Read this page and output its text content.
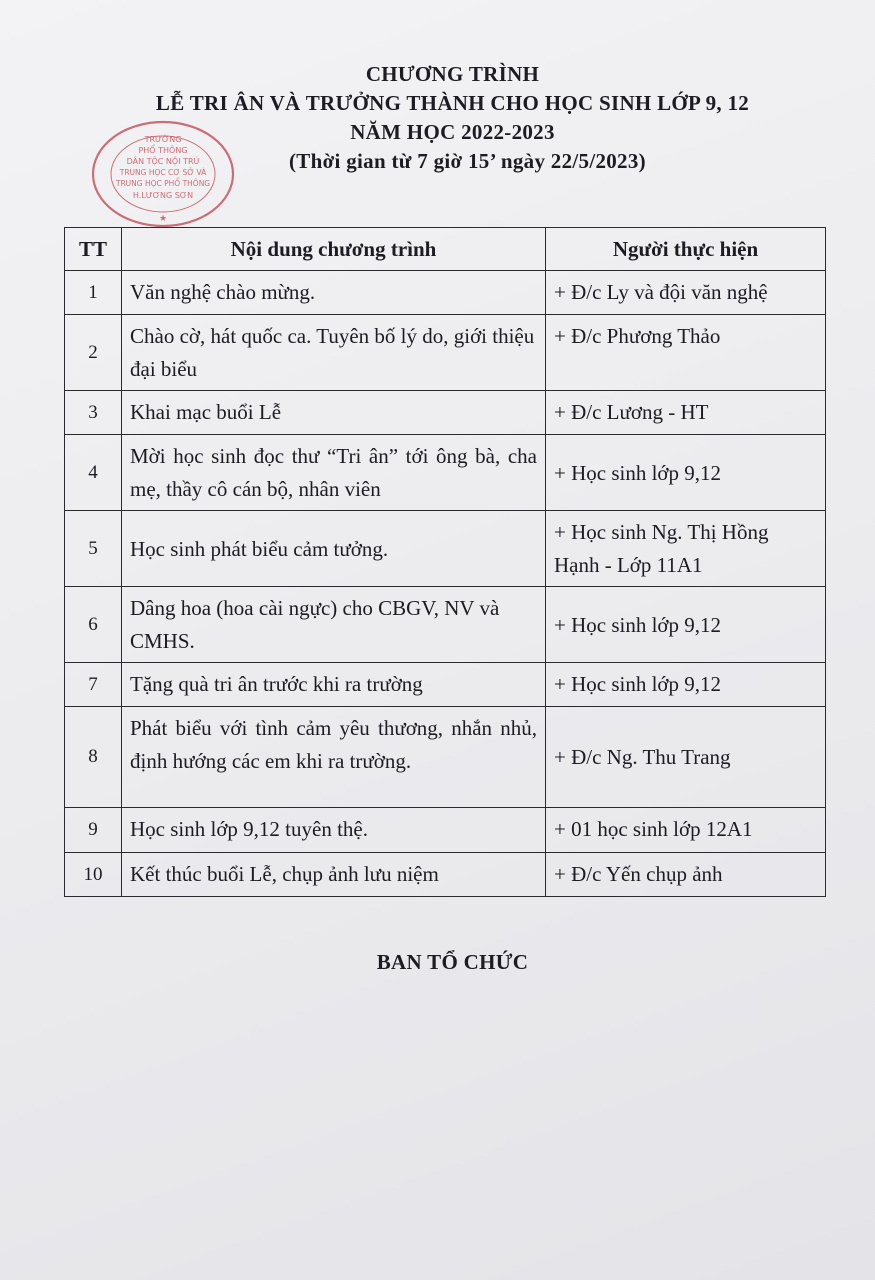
CHƯƠNG TRÌNH
LỄ TRI ÂN VÀ TRƯỞNG THÀNH CHO HỌC SINH LỚP 9, 12
NĂM HỌC 2022-2023
(Thời gian từ 7 giờ 15’ ngày 22/5/2023)
TRƯỜNG
PHỔ THÔNG
DÂN TỘC NỘI TRÚ
TRUNG HỌC CƠ SỞ VÀ
TRUNG HỌC PHỔ THÔNG
H.LƯƠNG SƠN
★
TT	Nội dung chương trình	Người thực hiện
1	Văn nghệ chào mừng.	+ Đ/c Ly và đội văn nghệ
2	Chào cờ, hát quốc ca. Tuyên bố lý do, giới thiệu đại biểu	+ Đ/c Phương Thảo
3	Khai mạc buổi Lễ	+ Đ/c Lương - HT
4	Mời học sinh đọc thư “Tri ân” tới ông bà, cha mẹ, thầy cô cán bộ, nhân viên	+ Học sinh lớp 9,12
5	Học sinh phát biểu cảm tưởng.	+ Học sinh Ng. Thị Hồng Hạnh - Lớp 11A1
6	Dâng hoa (hoa cài ngực) cho CBGV, NV và CMHS.	+ Học sinh lớp 9,12
7	Tặng quà tri ân trước khi ra trường	+ Học sinh lớp 9,12
8	Phát biểu với tình cảm yêu thương, nhắn nhủ, định hướng các em khi ra trường.	+ Đ/c Ng. Thu Trang
9	Học sinh lớp 9,12 tuyên thệ.	+ 01 học sinh lớp 12A1
10	Kết thúc buổi Lễ, chụp ảnh lưu niệm	+ Đ/c Yến chụp ảnh
BAN TỔ CHỨC
